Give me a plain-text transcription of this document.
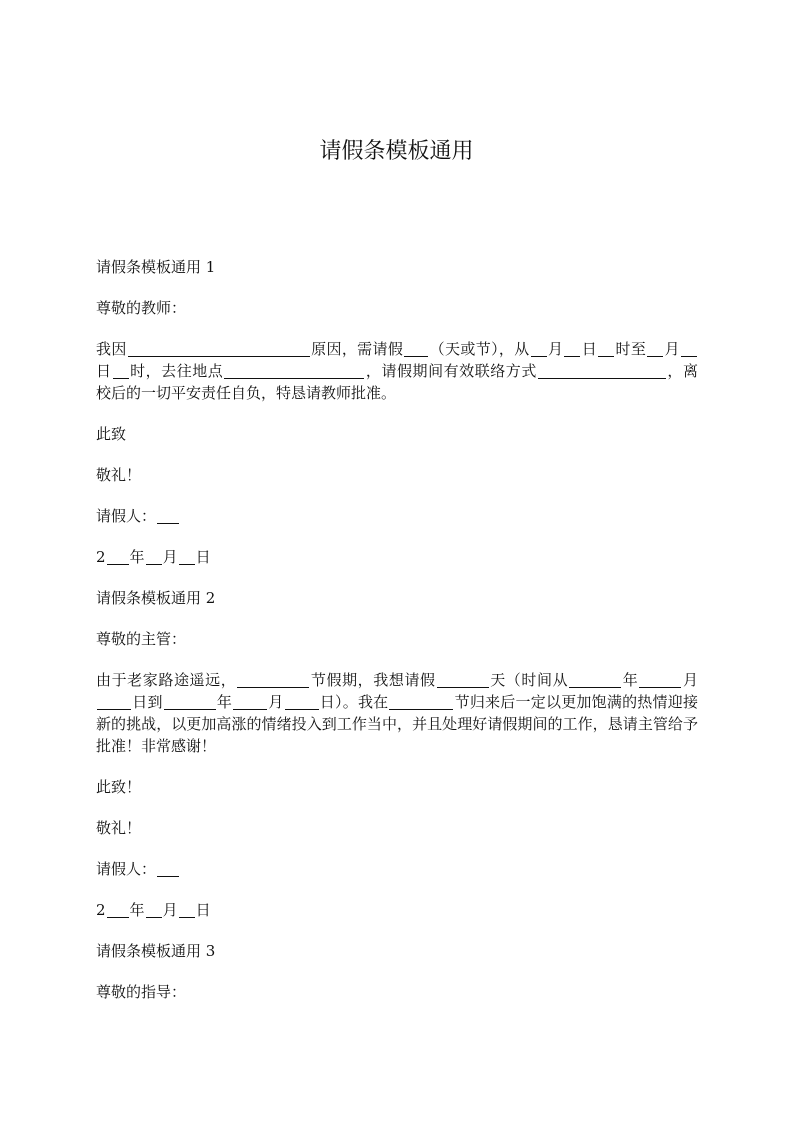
请假条模板通用

请假条模板通用 1

尊敬的教师：

我因	原因，需请假 （天或节），从 月 日 时至 月日 时，去往地点	，请假期间有效联络方式	，离校后的一切平安责任自负，特恳请教师批准。

此致

敬礼！

请假人：

2 年 月 日

请假条模板通用 2

尊敬的主管：

由于老家路途遥远，	节假期，我想请假	天（时间从	年	月日到	年 月 日）。我在	节归来后一定以更加饱满的热情迎接新的挑战，以更加高涨的情绪投入到工作当中，并且处理好请假期间的工作，恳请主管给予批准！非常感谢！

此致！

敬礼！

请假人：

2 年 月 日

请假条模板通用 3

尊敬的指导：
